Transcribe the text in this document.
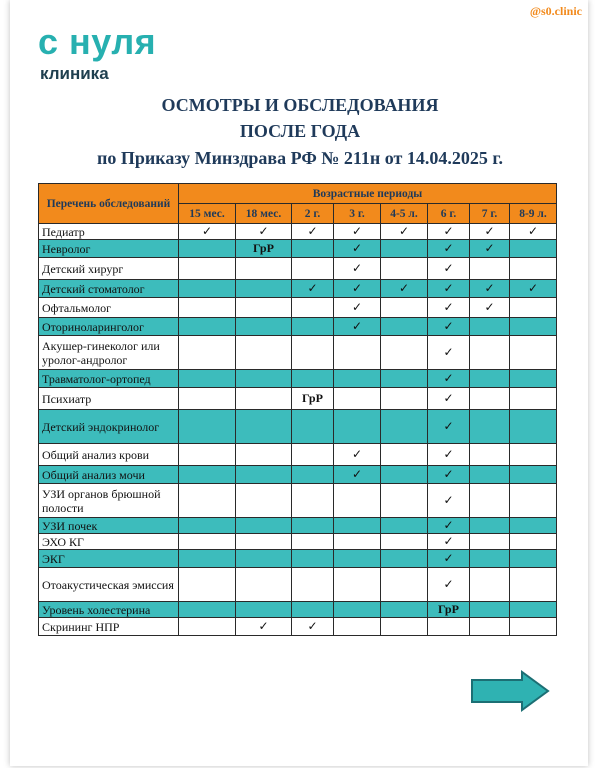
@s0.clinic
с нуля
клиника
ОСМОТРЫ И ОБСЛЕДОВАНИЯ
ПОСЛЕ ГОДА
по Приказу Минздрава РФ № 211н от 14.04.2025 г.
Перечень обследований	Возрастные периоды							
	15 мес.	18 мес.	2 г.	3 г.	4-5 л.	6 г.	7 г.	8-9 л.
Педиатр	✓	✓	✓	✓	✓	✓	✓	✓
Невролог		ГрР		✓		✓	✓	
Детский хирург				✓		✓		
Детский стоматолог			✓	✓	✓	✓	✓	✓
Офтальмолог				✓		✓	✓	
Оториноларинголог				✓		✓		
Акушер-гинеколог или уролог-андролог						✓		
Травматолог-ортопед						✓		
Психиатр			ГрР			✓		
Детский эндокринолог						✓		
Общий анализ крови				✓		✓		
Общий анализ мочи				✓		✓		
УЗИ органов брюшной полости						✓		
УЗИ почек						✓		
ЭХО КГ						✓		
ЭКГ						✓		
Отоакустическая эмиссия						✓		
Уровень холестерина						ГрР		
Скрининг НПР		✓	✓					
